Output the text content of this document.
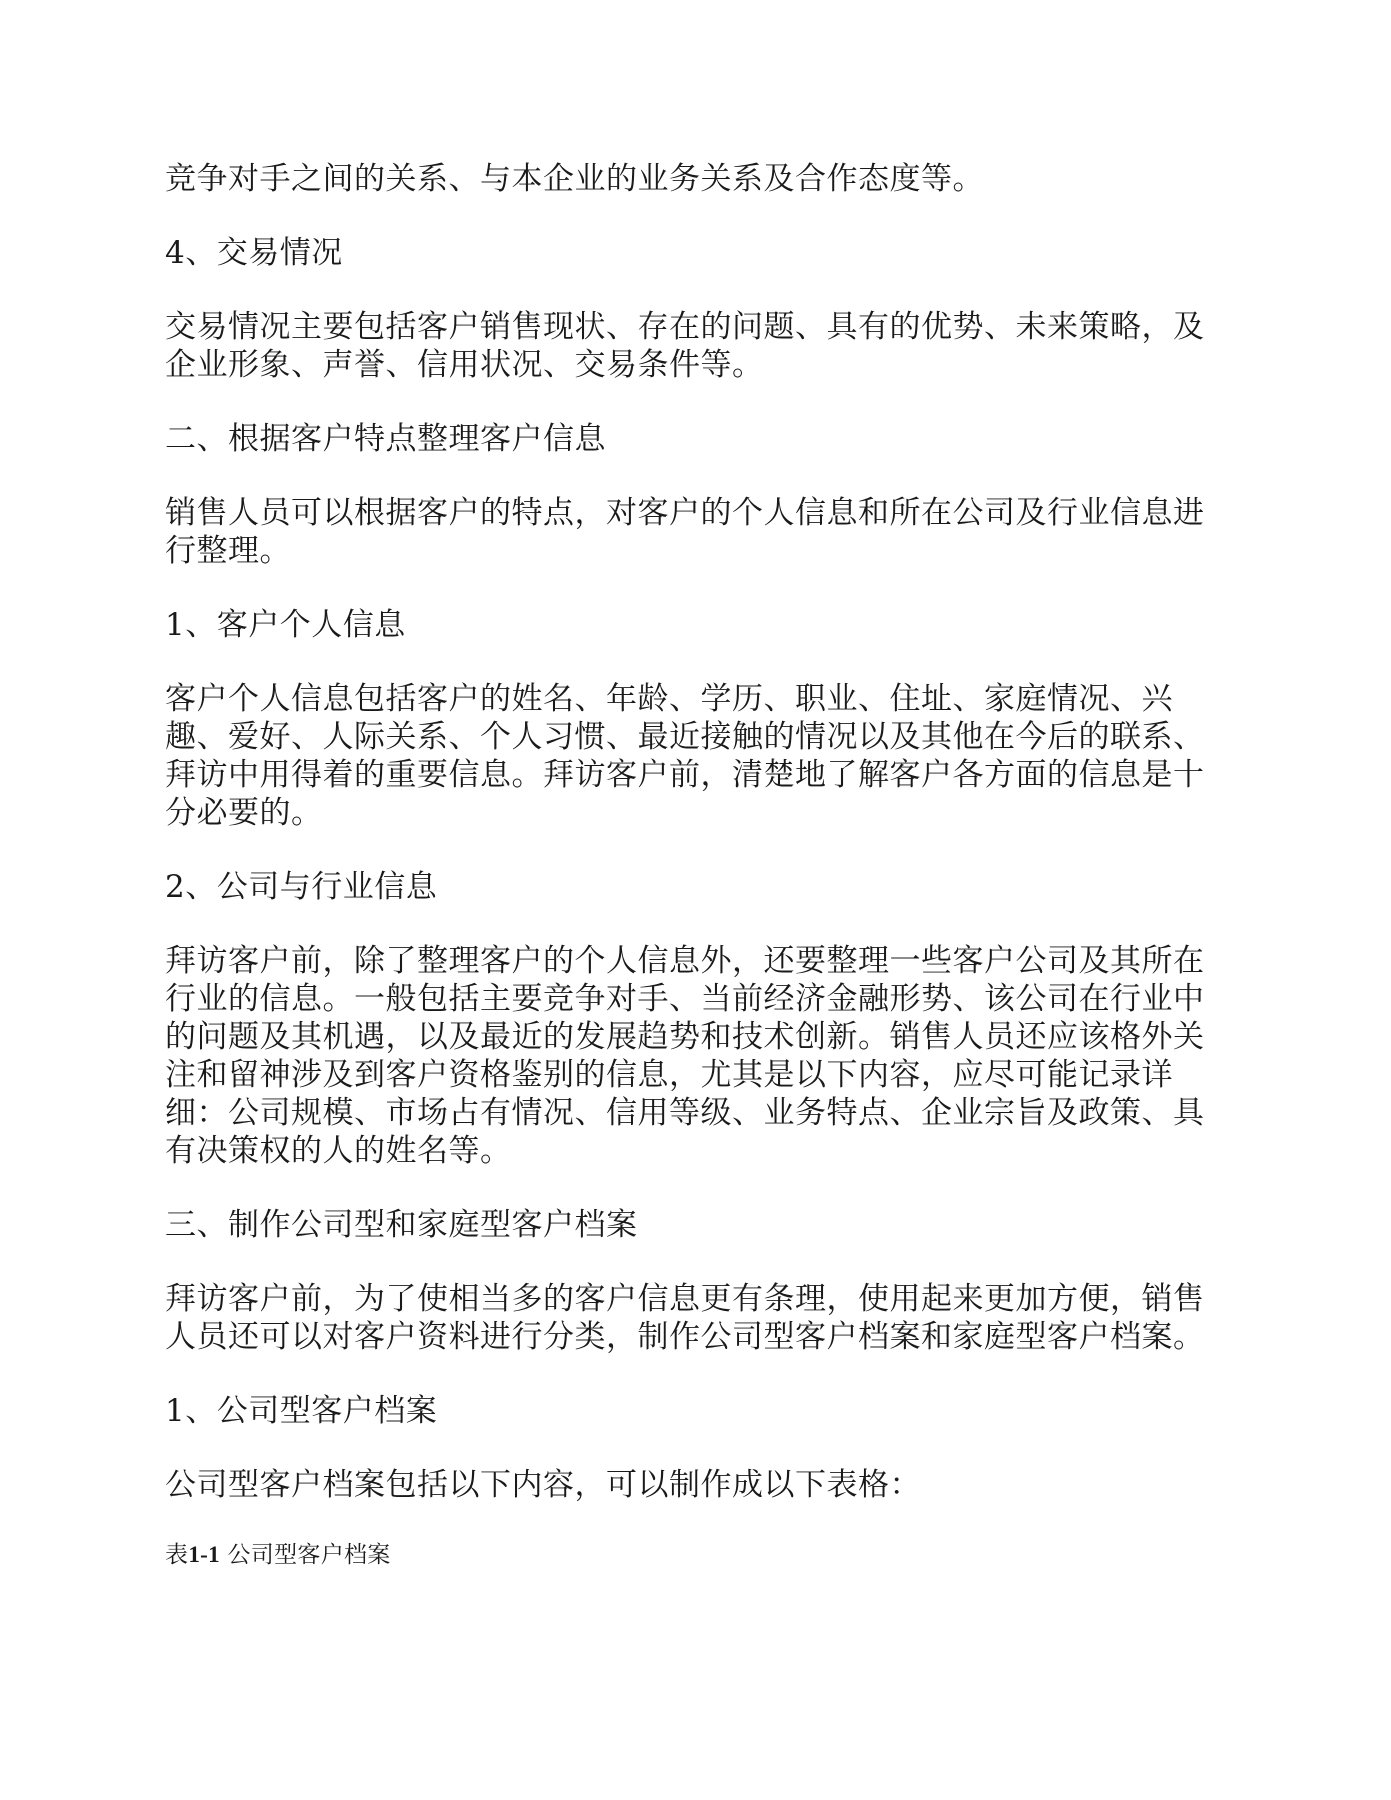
竞争对手之间的关系、与本企业的业务关系及合作态度等。

4、交易情况

交易情况主要包括客户销售现状、存在的问题、具有的优势、未来策略，及企业形象、声誉、信用状况、交易条件等。

二、根据客户特点整理客户信息

销售人员可以根据客户的特点，对客户的个人信息和所在公司及行业信息进行整理。

1、客户个人信息

客户个人信息包括客户的姓名、年龄、学历、职业、住址、家庭情况、兴趣、爱好、人际关系、个人习惯、最近接触的情况以及其他在今后的联系、拜访中用得着的重要信息。拜访客户前，清楚地了解客户各方面的信息是十分必要的。

2、公司与行业信息

拜访客户前，除了整理客户的个人信息外，还要整理一些客户公司及其所在行业的信息。一般包括主要竞争对手、当前经济金融形势、该公司在行业中的问题及其机遇，以及最近的发展趋势和技术创新。销售人员还应该格外关注和留神涉及到客户资格鉴别的信息，尤其是以下内容，应尽可能记录详细：公司规模、市场占有情况、信用等级、业务特点、企业宗旨及政策、具有决策权的人的姓名等。

三、制作公司型和家庭型客户档案

拜访客户前，为了使相当多的客户信息更有条理，使用起来更加方便，销售人员还可以对客户资料进行分类，制作公司型客户档案和家庭型客户档案。

1、公司型客户档案

公司型客户档案包括以下内容，可以制作成以下表格：

表1-1 公司型客户档案
